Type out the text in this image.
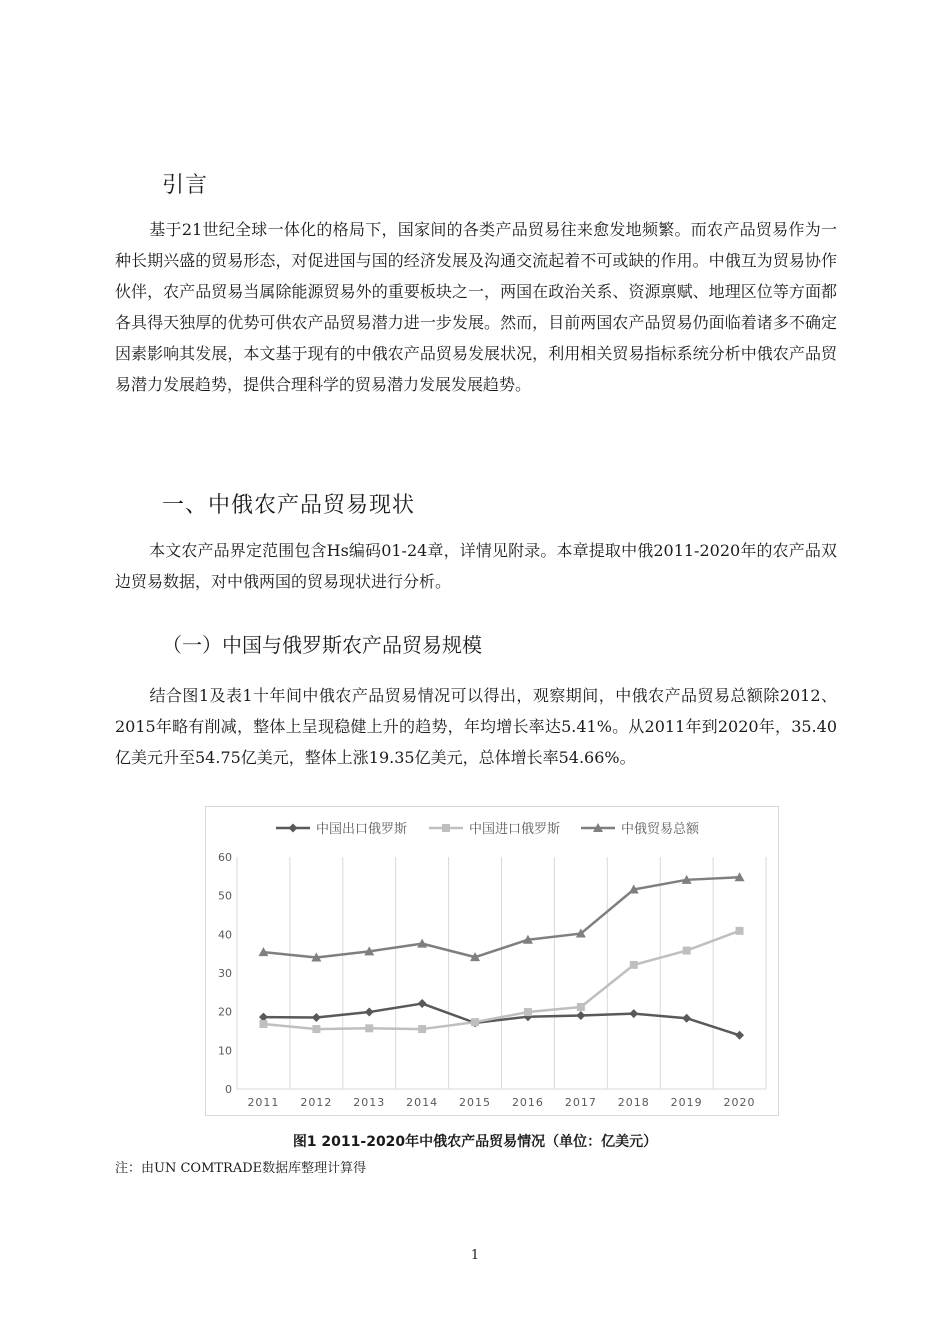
引言

基于21世纪全球一体化的格局下，国家间的各类产品贸易往来愈发地频繁。而农产品贸易作为一种长期兴盛的贸易形态，对促进国与国的经济发展及沟通交流起着不可或缺的作用。中俄互为贸易协作伙伴，农产品贸易当属除能源贸易外的重要板块之一，两国在政治关系、资源禀赋、地理区位等方面都各具得天独厚的优势可供农产品贸易潜力进一步发展。然而，目前两国农产品贸易仍面临着诸多不确定因素影响其发展，本文基于现有的中俄农产品贸易发展状况，利用相关贸易指标系统分析中俄农产品贸易潜力发展趋势，提供合理科学的贸易潜力发展发展趋势。

一、中俄农产品贸易现状

本文农产品界定范围包含Hs编码01-24章，详情见附录。本章提取中俄2011-2020年的农产品双边贸易数据，对中俄两国的贸易现状进行分析。

（一）中国与俄罗斯农产品贸易规模

结合图1及表1十年间中俄农产品贸易情况可以得出，观察期间，中俄农产品贸易总额除2012、2015年略有削减，整体上呈现稳健上升的趋势，年均增长率达5.41%。从2011年到2020年，35.40亿美元升至54.75亿美元，整体上涨19.35亿美元，总体增长率54.66%。

0
10
20
30
40
50
60
2011 2012 2013 2014 2015 2016 2017 2018 2019 2020
中国出口俄罗斯	中国进口俄罗斯	中俄贸易总额
图1 2011-2020年中俄农产品贸易情况（单位：亿美元）
注：由UN COMTRADE数据库整理计算得
1
